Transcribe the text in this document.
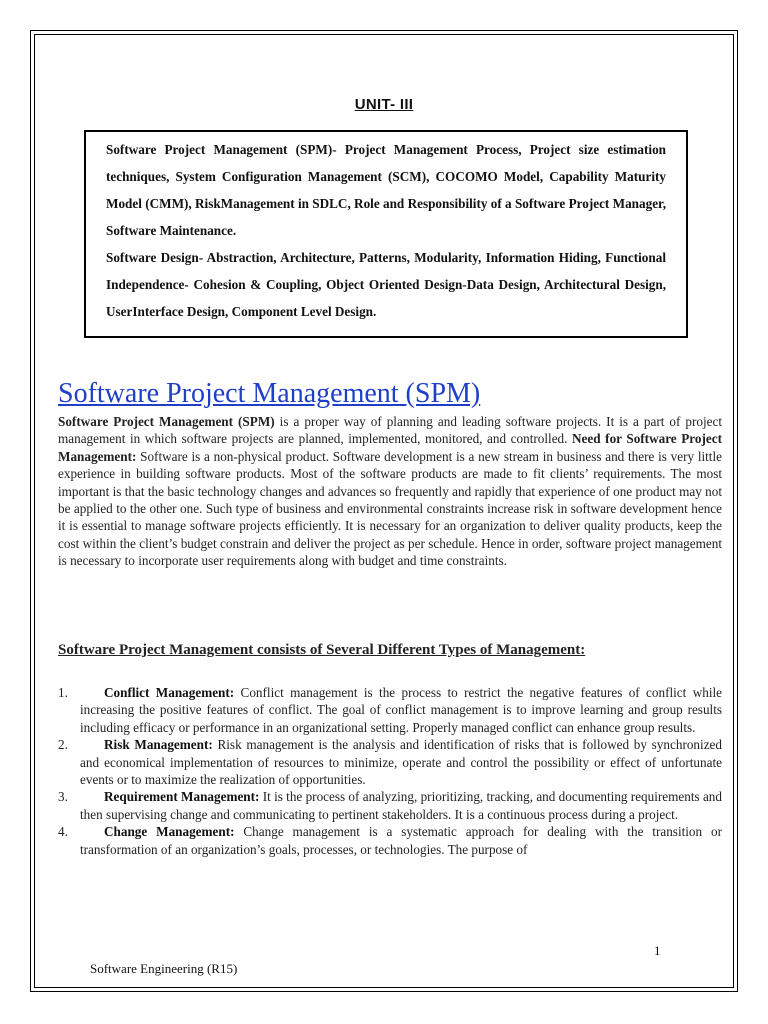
UNIT- III

Software Project Management (SPM)- Project Management Process, Project size estimation techniques, System Configuration Management (SCM), COCOMO Model, Capability Maturity Model (CMM), RiskManagement in SDLC, Role and Responsibility of a Software Project Manager, Software Maintenance.

Software Design- Abstraction, Architecture, Patterns, Modularity, Information Hiding, Functional Independence- Cohesion & Coupling, Object Oriented Design-Data Design, Architectural Design, UserInterface Design, Component Level Design.

Software Project Management (SPM)

Software Project Management (SPM) is a proper way of planning and leading software projects. It is a part of project management in which software projects are planned, implemented, monitored, and controlled. Need for Software Project Management: Software is a non-physical product. Software development is a new stream in business and there is very little experience in building software products. Most of the software products are made to fit clients’ requirements. The most important is that the basic technology changes and advances so frequently and rapidly that experience of one product may not be applied to the other one. Such type of business and environmental constraints increase risk in software development hence it is essential to manage software projects efficiently. It is necessary for an organization to deliver quality products, keep the cost within the client’s budget constrain and deliver the project as per schedule. Hence in order, software project management is necessary to incorporate user requirements along with budget and time constraints.

Software Project Management consists of Several Different Types of Management:
1.	Conflict Management: Conflict management is the process to restrict the negative features of conflict while increasing the positive features of conflict. The goal of conflict management is to improve learning and group results including efficacy or performance in an organizational setting. Properly managed conflict can enhance group results.
2.	Risk Management: Risk management is the analysis and identification of risks that is followed by synchronized and economical implementation of resources to minimize, operate and control the possibility or effect of unfortunate events or to maximize the realization of opportunities.
3.	Requirement Management: It is the process of analyzing, prioritizing, tracking, and documenting requirements and then supervising change and communicating to pertinent stakeholders. It is a continuous process during a project.
4.	Change Management: Change management is a systematic approach for dealing with the transition or transformation of an organization’s goals, processes, or technologies. The purpose of
1
Software Engineering (R15)
